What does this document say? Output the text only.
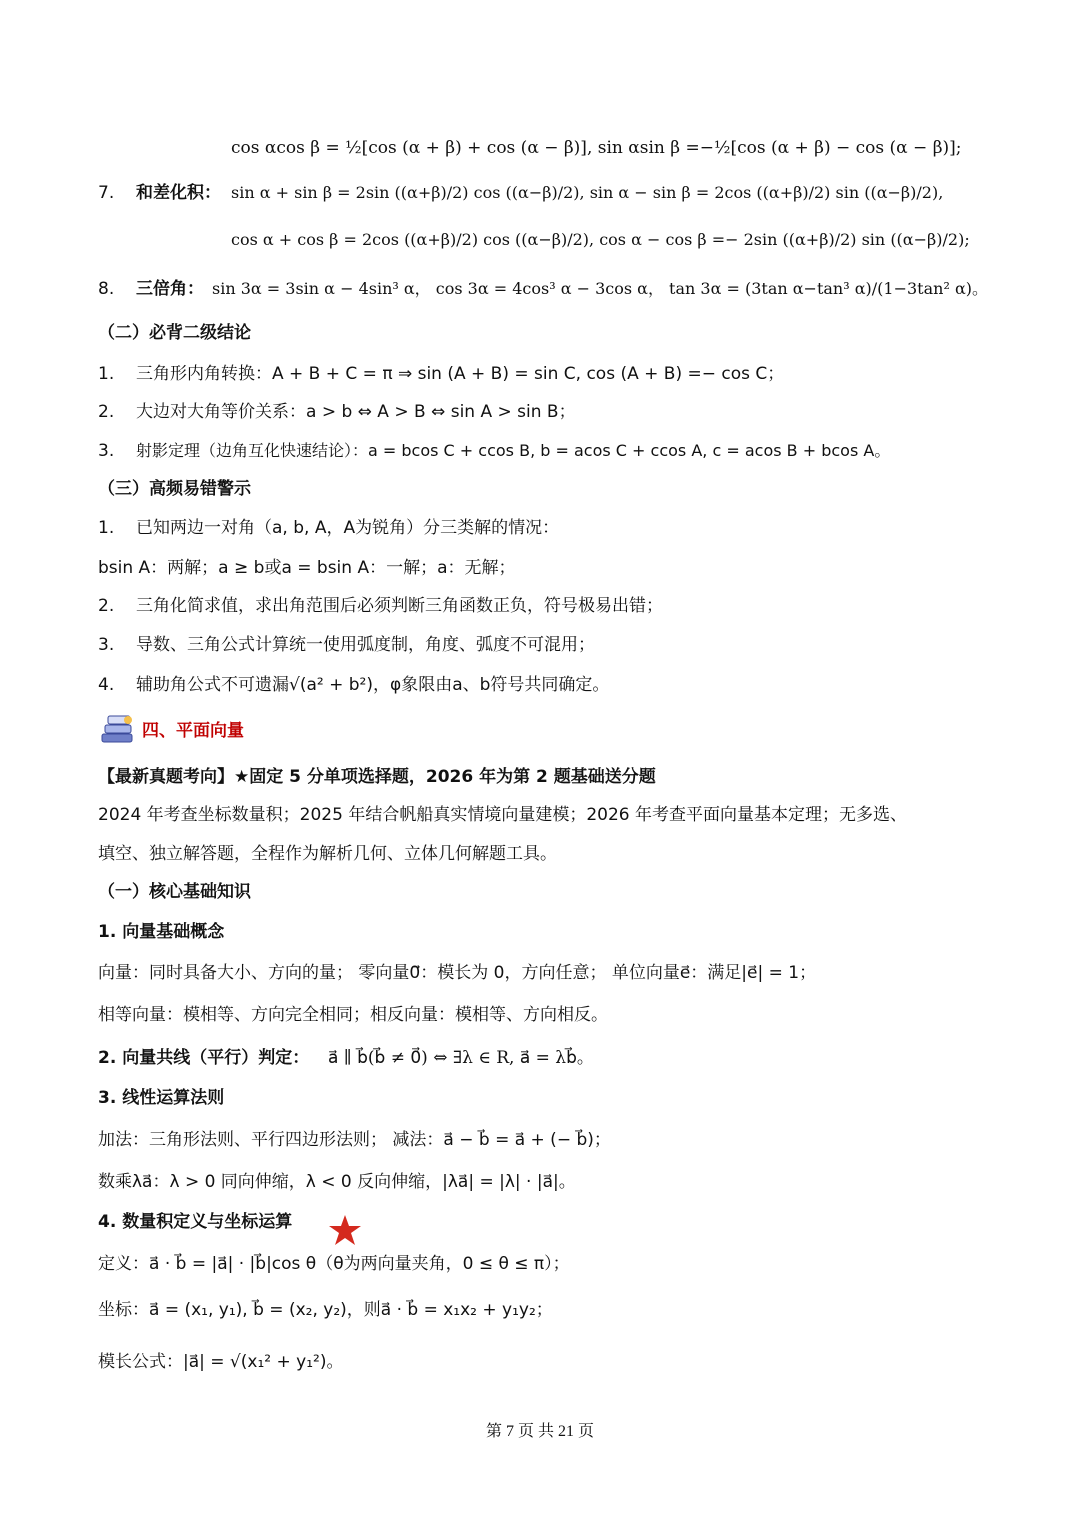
cos αcos β = ½[cos (α + β) + cos (α − β)], sin αsin β =−½[cos (α + β) − cos (α − β)];
7. 和差化积： sin α + sin β = 2sin ((α+β)/2) cos ((α−β)/2), sin α − sin β = 2cos ((α+β)/2) sin ((α−β)/2),
cos α + cos β = 2cos ((α+β)/2) cos ((α−β)/2), cos α − cos β =− 2sin ((α+β)/2) sin ((α−β)/2);
8. 三倍角： sin 3α = 3sin α − 4sin³ α， cos 3α = 4cos³ α − 3cos α， tan 3α = (3tan α−tan³ α)/(1−3tan² α)。
（二）必背二级结论
1. 三角形内角转换：A + B + C = π ⇒ sin (A + B) = sin C, cos (A + B) =− cos C；
2. 大边对大角等价关系：a > b ⇔ A > B ⇔ sin A > sin B；
3. 射影定理（边角互化快速结论）：a = bcos C + ccos B, b = acos C + ccos A, c = acos B + bcos A。
（三）高频易错警示
1. 已知两边一对角（a, b, A，A为锐角）分三类解的情况：
bsin A：两解；a ≥ b或a = bsin A：一解；a：无解；
2. 三角化简求值，求出角范围后必须判断三角函数正负，符号极易出错；
3. 导数、三角公式计算统一使用弧度制，角度、弧度不可混用；
4. 辅助角公式不可遗漏√(a² + b²)，φ象限由a、b符号共同确定。
四、平面向量
【最新真题考向】★固定 5 分单项选择题，2026 年为第 2 题基础送分题
2024 年考查坐标数量积；2025 年结合帆船真实情境向量建模；2026 年考查平面向量基本定理；无多选、
填空、独立解答题，全程作为解析几何、立体几何解题工具。
（一）核心基础知识
1. 向量基础概念
向量：同时具备大小、方向的量； 零向量0⃗：模长为 0，方向任意； 单位向量e⃗：满足|e⃗| = 1；
相等向量：模相等、方向完全相同；相反向量：模相等、方向相反。
2. 向量共线（平行）判定： a⃗ ∥ b⃗(b⃗ ≠ 0⃗) ⇔ ∃λ ∈ R, a⃗ = λb⃗。
3. 线性运算法则
加法：三角形法则、平行四边形法则； 减法：a⃗ − b⃗ = a⃗ + (− b⃗)；
数乘λa⃗：λ > 0 同向伸缩，λ < 0 反向伸缩，|λa⃗| = |λ| · |a⃗|。
4. 数量积定义与坐标运算
定义：a⃗ · b⃗ = |a⃗| · |b⃗|cos θ（θ为两向量夹角，0 ≤ θ ≤ π）；
坐标：a⃗ = (x₁, y₁), b⃗ = (x₂, y₂)，则a⃗ · b⃗ = x₁x₂ + y₁y₂；
模长公式：|a⃗| = √(x₁² + y₁²)。
第 7 页 共 21 页
